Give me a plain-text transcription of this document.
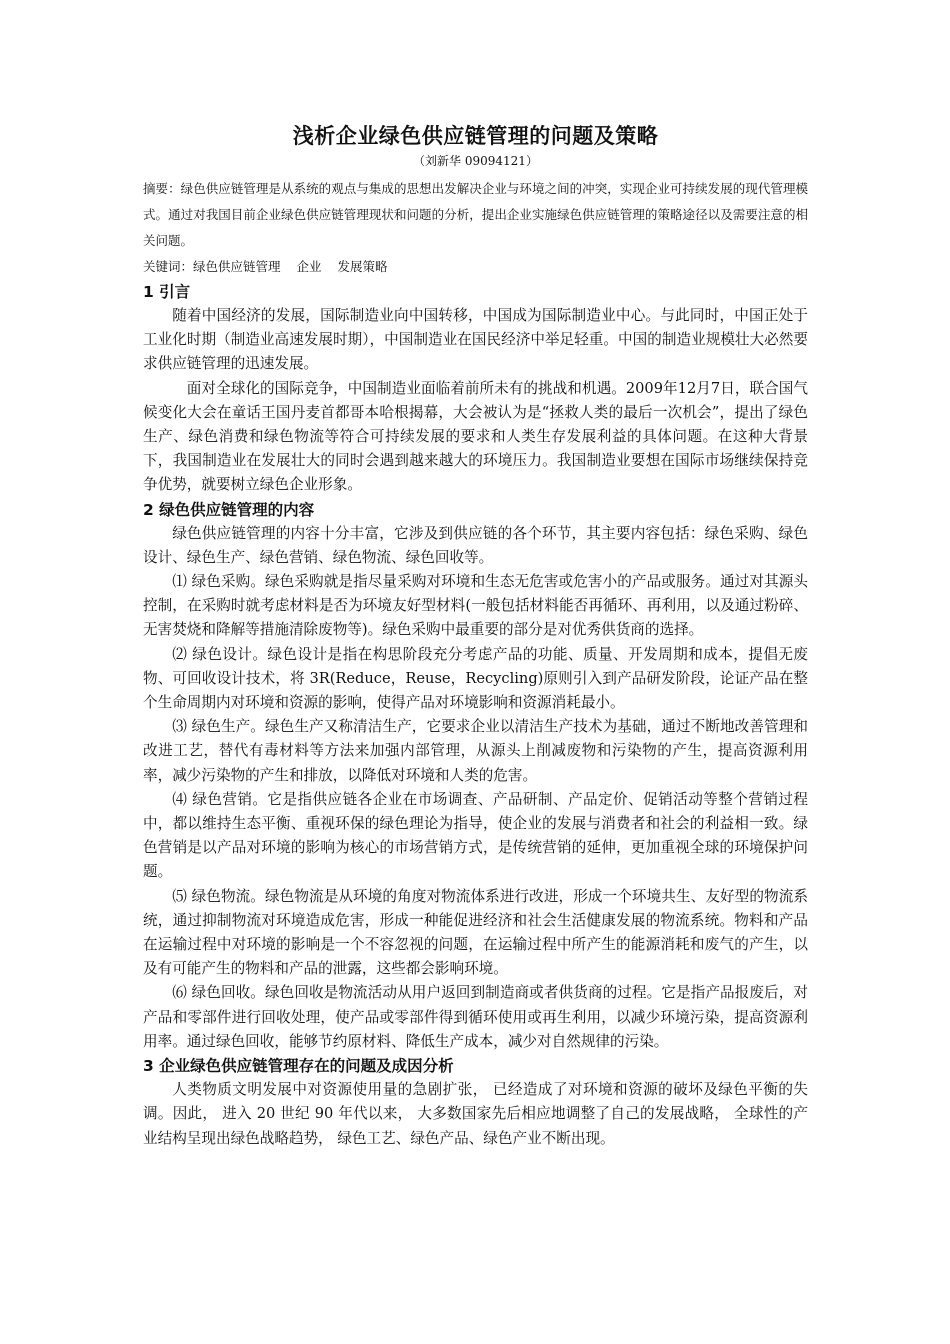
浅析企业绿色供应链管理的问题及策略
（刘新华 09094121）

摘要：绿色供应链管理是从系统的观点与集成的思想出发解决企业与环境之间的冲突，实现企业可持续发展的现代管理模式。通过对我国目前企业绿色供应链管理现状和问题的分析，提出企业实施绿色供应链管理的策略途径以及需要注意的相关问题。

关键词：绿色供应链管理 企业 发展策略

1 引言

随着中国经济的发展，国际制造业向中国转移，中国成为国际制造业中心。与此同时，中国正处于工业化时期（制造业高速发展时期），中国制造业在国民经济中举足轻重。中国的制造业规模壮大必然要求供应链管理的迅速发展。

面对全球化的国际竞争，中国制造业面临着前所未有的挑战和机遇。2009年12月7日，联合国气候变化大会在童话王国丹麦首都哥本哈根揭幕，大会被认为是“拯救人类的最后一次机会”，提出了绿色生产、绿色消费和绿色物流等符合可持续发展的要求和人类生存发展利益的具体问题。在这种大背景下，我国制造业在发展壮大的同时会遇到越来越大的环境压力。我国制造业要想在国际市场继续保持竞争优势，就要树立绿色企业形象。

2 绿色供应链管理的内容

绿色供应链管理的内容十分丰富，它涉及到供应链的各个环节，其主要内容包括：绿色采购、绿色设计、绿色生产、绿色营销、绿色物流、绿色回收等。

⑴ 绿色采购。绿色采购就是指尽量采购对环境和生态无危害或危害小的产品或服务。通过对其源头控制，在采购时就考虑材料是否为环境友好型材料(一般包括材料能否再循环、再利用，以及通过粉碎、无害焚烧和降解等措施清除废物等)。绿色采购中最重要的部分是对优秀供货商的选择。

⑵ 绿色设计。绿色设计是指在构思阶段充分考虑产品的功能、质量、开发周期和成本，提倡无废物、可回收设计技术，将 3R(Reduce，Reuse，Recycling)原则引入到产品研发阶段，论证产品在整个生命周期内对环境和资源的影响，使得产品对环境影响和资源消耗最小。

⑶ 绿色生产。绿色生产又称清洁生产，它要求企业以清洁生产技术为基础，通过不断地改善管理和改进工艺，替代有毒材料等方法来加强内部管理，从源头上削减废物和污染物的产生，提高资源利用率，减少污染物的产生和排放，以降低对环境和人类的危害。

⑷ 绿色营销。它是指供应链各企业在市场调查、产品研制、产品定价、促销活动等整个营销过程中，都以维持生态平衡、重视环保的绿色理论为指导，使企业的发展与消费者和社会的利益相一致。绿色营销是以产品对环境的影响为核心的市场营销方式，是传统营销的延伸，更加重视全球的环境保护问题。

⑸ 绿色物流。绿色物流是从环境的角度对物流体系进行改进，形成一个环境共生、友好型的物流系统，通过抑制物流对环境造成危害，形成一种能促进经济和社会生活健康发展的物流系统。物料和产品在运输过程中对环境的影响是一个不容忽视的问题，在运输过程中所产生的能源消耗和废气的产生，以及有可能产生的物料和产品的泄露，这些都会影响环境。

⑹ 绿色回收。绿色回收是物流活动从用户返回到制造商或者供货商的过程。它是指产品报废后，对产品和零部件进行回收处理，使产品或零部件得到循环使用或再生利用，以减少环境污染，提高资源利用率。通过绿色回收，能够节约原材料、降低生产成本，减少对自然规律的污染。

3 企业绿色供应链管理存在的问题及成因分析

人类物质文明发展中对资源使用量的急剧扩张， 已经造成了对环境和资源的破坏及绿色平衡的失调。因此， 进入 20 世纪 90 年代以来， 大多数国家先后相应地调整了自己的发展战略， 全球性的产业结构呈现出绿色战略趋势， 绿色工艺、绿色产品、绿色产业不断出现。
